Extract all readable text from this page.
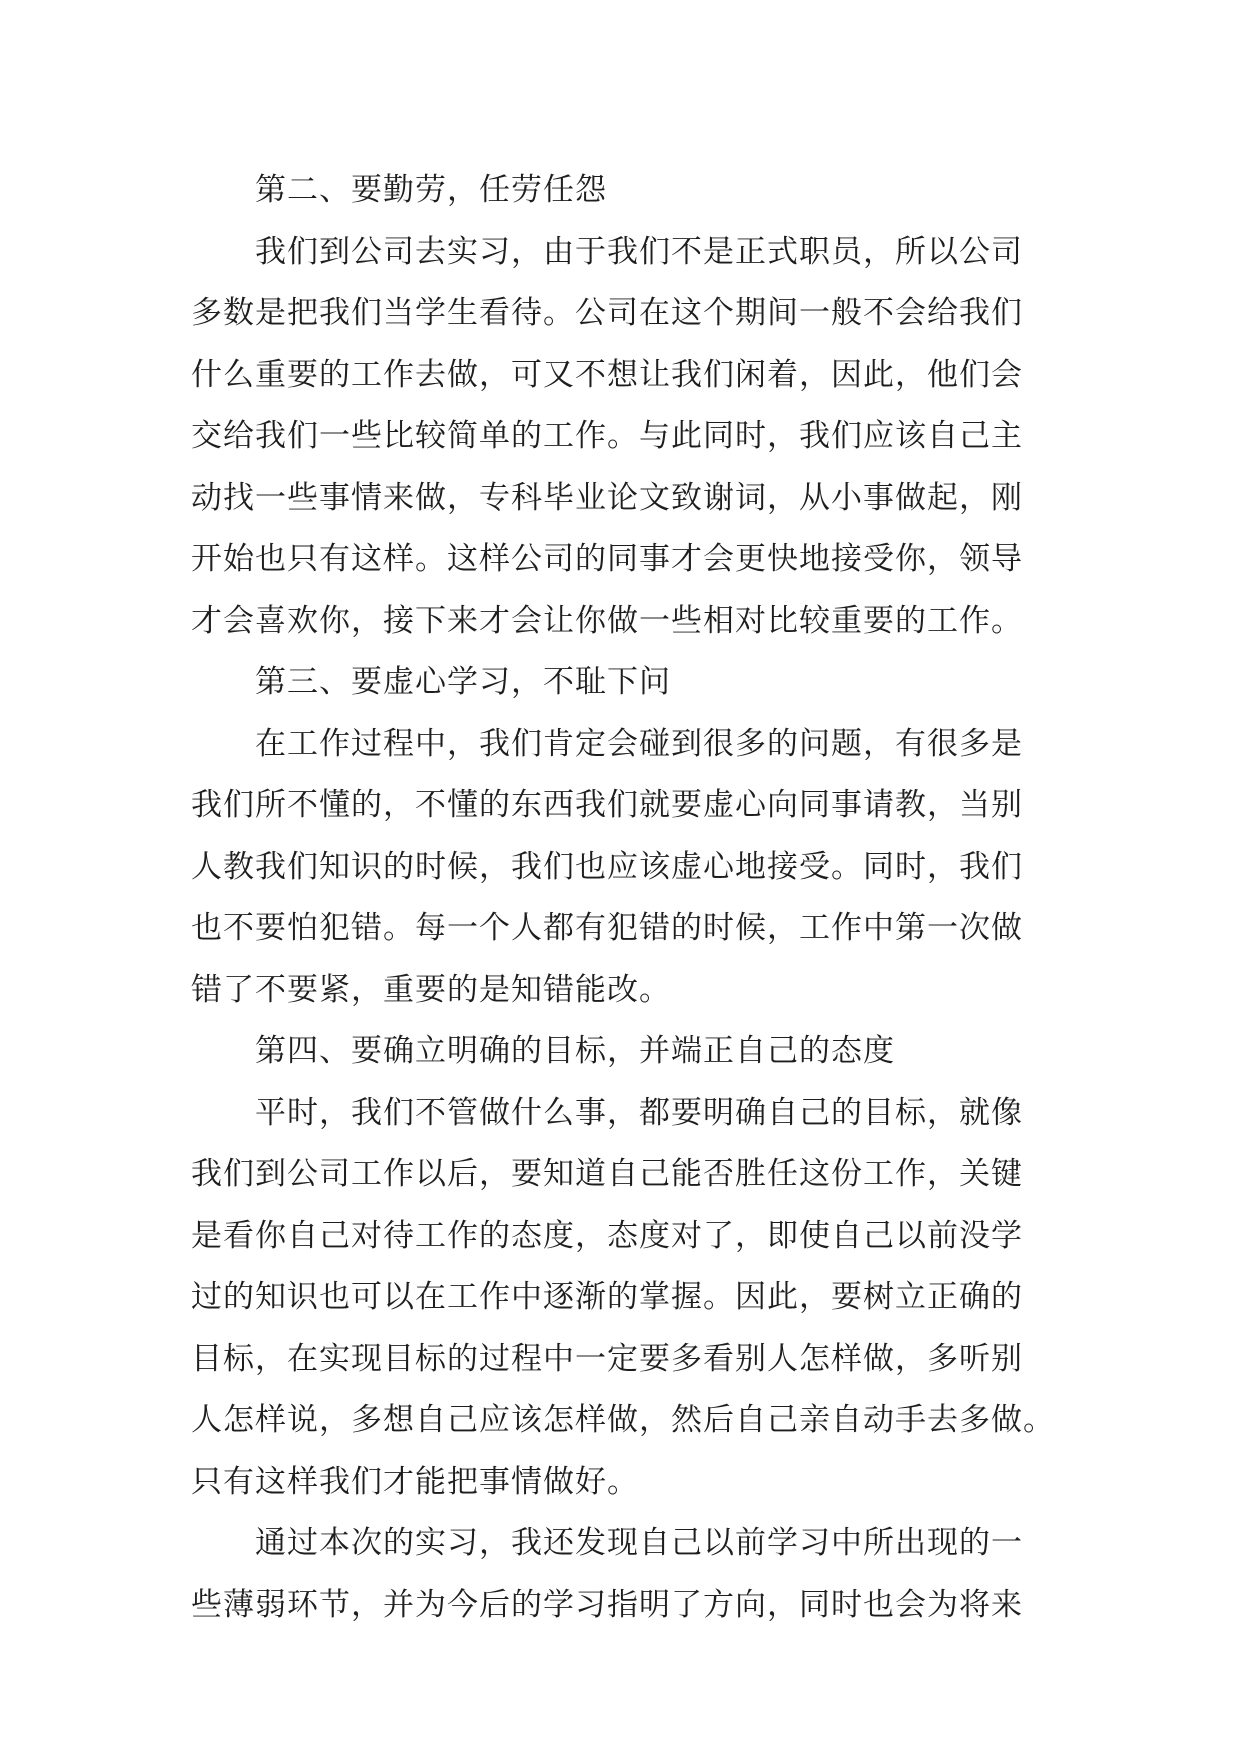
第二、要勤劳，任劳任怨
我们到公司去实习，由于我们不是正式职员，所以公司
多数是把我们当学生看待。公司在这个期间一般不会给我们
什么重要的工作去做，可又不想让我们闲着，因此，他们会
交给我们一些比较简单的工作。与此同时，我们应该自己主
动找一些事情来做，专科毕业论文致谢词，从小事做起，刚
开始也只有这样。这样公司的同事才会更快地接受你，领导
才会喜欢你，接下来才会让你做一些相对比较重要的工作。
第三、要虚心学习，不耻下问
在工作过程中，我们肯定会碰到很多的问题，有很多是
我们所不懂的，不懂的东西我们就要虚心向同事请教，当别
人教我们知识的时候，我们也应该虚心地接受。同时，我们
也不要怕犯错。每一个人都有犯错的时候，工作中第一次做
错了不要紧，重要的是知错能改。
第四、要确立明确的目标，并端正自己的态度
平时，我们不管做什么事，都要明确自己的目标，就像
我们到公司工作以后，要知道自己能否胜任这份工作，关键
是看你自己对待工作的态度，态度对了，即使自己以前没学
过的知识也可以在工作中逐渐的掌握。因此，要树立正确的
目标，在实现目标的过程中一定要多看别人怎样做，多听别
人怎样说，多想自己应该怎样做，然后自己亲自动手去多做。
只有这样我们才能把事情做好。
通过本次的实习，我还发现自己以前学习中所出现的一
些薄弱环节，并为今后的学习指明了方向，同时也会为将来
